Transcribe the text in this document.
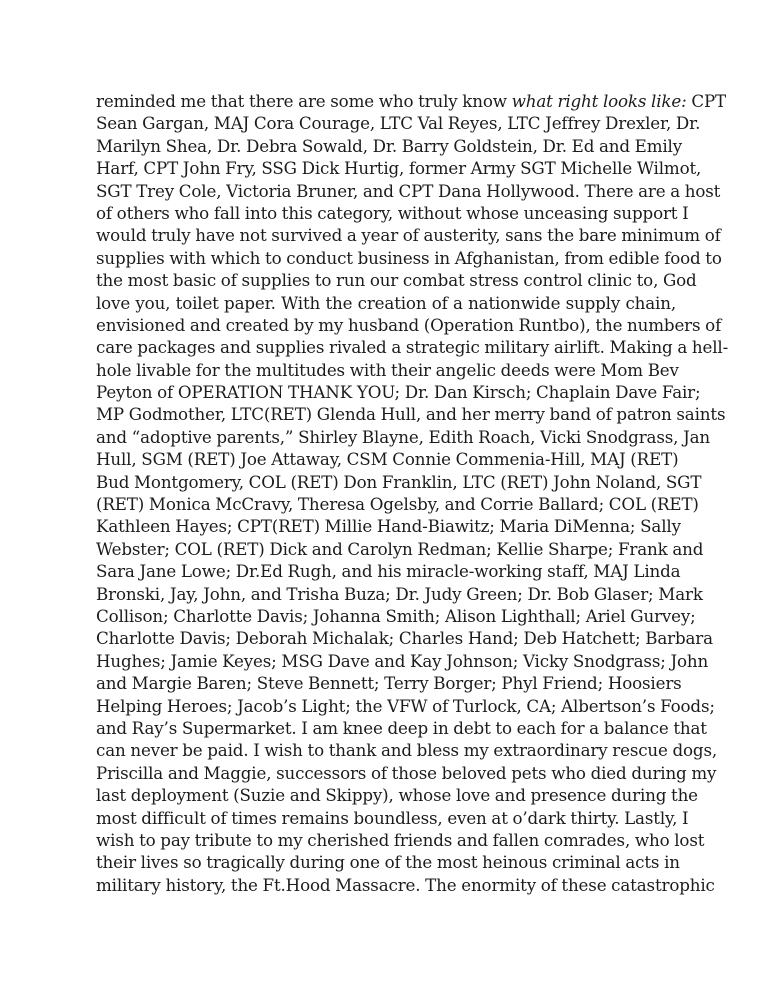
reminded me that there are some who truly know what right looks like: CPT
Sean Gargan, MAJ Cora Courage, LTC Val Reyes, LTC Jeffrey Drexler, Dr.
Marilyn Shea, Dr. Debra Sowald, Dr. Barry Goldstein, Dr. Ed and Emily
Harf, CPT John Fry, SSG Dick Hurtig, former Army SGT Michelle Wilmot,
SGT Trey Cole, Victoria Bruner, and CPT Dana Hollywood. There are a host
of others who fall into this category, without whose unceasing support I
would truly have not survived a year of austerity, sans the bare minimum of
supplies with which to conduct business in Afghanistan, from edible food to
the most basic of supplies to run our combat stress control clinic to, God
love you, toilet paper. With the creation of a nationwide supply chain,
envisioned and created by my husband (Operation Runtbo), the numbers of
care packages and supplies rivaled a strategic military airlift. Making a hell-
hole livable for the multitudes with their angelic deeds were Mom Bev
Peyton of OPERATION THANK YOU; Dr. Dan Kirsch; Chaplain Dave Fair;
MP Godmother, LTC(RET) Glenda Hull, and her merry band of patron saints
and “adoptive parents,” Shirley Blayne, Edith Roach, Vicki Snodgrass, Jan
Hull, SGM (RET) Joe Attaway, CSM Connie Commenia-Hill, MAJ (RET)
Bud Montgomery, COL (RET) Don Franklin, LTC (RET) John Noland, SGT
(RET) Monica McCravy, Theresa Ogelsby, and Corrie Ballard; COL (RET)
Kathleen Hayes; CPT(RET) Millie Hand-Biawitz; Maria DiMenna; Sally
Webster; COL (RET) Dick and Carolyn Redman; Kellie Sharpe; Frank and
Sara Jane Lowe; Dr.Ed Rugh, and his miracle-working staff, MAJ Linda
Bronski, Jay, John, and Trisha Buza; Dr. Judy Green; Dr. Bob Glaser; Mark
Collison; Charlotte Davis; Johanna Smith; Alison Lighthall; Ariel Gurvey;
Charlotte Davis; Deborah Michalak; Charles Hand; Deb Hatchett; Barbara
Hughes; Jamie Keyes; MSG Dave and Kay Johnson; Vicky Snodgrass; John
and Margie Baren; Steve Bennett; Terry Borger; Phyl Friend; Hoosiers
Helping Heroes; Jacob’s Light; the VFW of Turlock, CA; Albertson’s Foods;
and Ray’s Supermarket. I am knee deep in debt to each for a balance that
can never be paid. I wish to thank and bless my extraordinary rescue dogs,
Priscilla and Maggie, successors of those beloved pets who died during my
last deployment (Suzie and Skippy), whose love and presence during the
most difficult of times remains boundless, even at o’dark thirty. Lastly, I
wish to pay tribute to my cherished friends and fallen comrades, who lost
their lives so tragically during one of the most heinous criminal acts in
military history, the Ft.Hood Massacre. The enormity of these catastrophic
